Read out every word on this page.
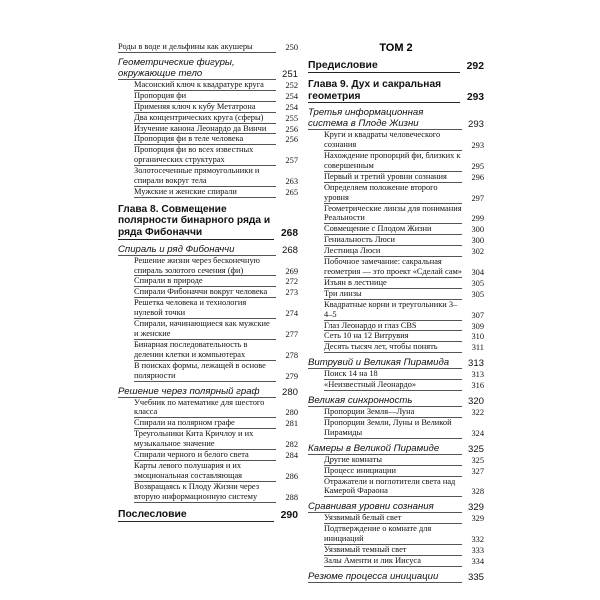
Роды в воде и дельфины как акушеры	250
Геометрические фигуры, окружающие тело	251
Масонский ключ к квадратуре круга	252
Пропорция фи	254
Применяя ключ к кубу Метатрона	254
Два концентрических круга (сферы)	255
Изучение канона Леонардо да Винчи	256
Пропорция фи в теле человека	256
Пропорция фи во всех известных органических структурах	257
Золотосеченные прямоугольники и спирали вокруг тела	263
Мужские и женские спирали	265
Глава 8. Совмещение полярности бинарного ряда и ряда Фибоначчи	268
Спираль и ряд Фибоначчи	268
Решение жизни через бесконечную спираль золотого сечения (фи)	269
Спирали в природе	272
Спирали Фибоначчи вокруг человека	273
Решетка человека и технология нулевой точки	274
Спирали, начинающиеся как мужские и женские	277
Бинарная последовательность в делении клетки и компьютерах	278
В поисках формы, лежащей в основе полярности	279
Решение через полярный граф	280
Учебник по математике для шестого класса	280
Спирали на полярном графе	281
Треугольники Кита Кричлоу и их музыкальное значение	282
Спирали черного и белого света	284
Карты левого полушария и их эмоциональная составляющая	286
Возвращаясь к Плоду Жизни через вторую информационную систему	288
Послесловие	290
ТОМ 2
Предисловие	292
Глава 9. Дух и сакральная геометрия	293
Третья информационная система в Плоде Жизни	293
Круги и квадраты человеческого сознания	293
Нахождение пропорций фи, близких к совершенным	295
Первый и третий уровни сознания	296
Определяем положение второго уровня	297
Геометрические линзы для понимания Реальности	299
Совмещение с Плодом Жизни	300
Гениальность Люси	300
Лестница Люси	302
Побочное замечание: сакральная геометрия — это проект «Сделай сам» 304
Изъян в лестнице	305
Три линзы	305
Квадратные корни и треугольники 3–4–5	307
Глаз Леонардо и глаз CBS	309
Сеть 10 на 12 Витрувия	310
Десять тысяч лет, чтобы понять	311
Витрувий и Великая Пирамида	313
Поиск 14 на 18	313
«Неизвестный Леонардо»	316
Великая синхронность	320
Пропорции Земля—Луна	322
Пропорции Земли, Луны и Великой Пирамиды	324
Камеры в Великой Пирамиде	325
Другие комнаты	325
Процесс инициации	327
Отражатели и поглотители света над Камерой Фараона	328
Сравнивая уровни сознания	329
Уязвимый белый свет	329
Подтверждение о комнате для инициаций	332
Уязвимый темный свет	333
Залы Аменти и лик Иисуса	334
Резюме процесса инициации	335
